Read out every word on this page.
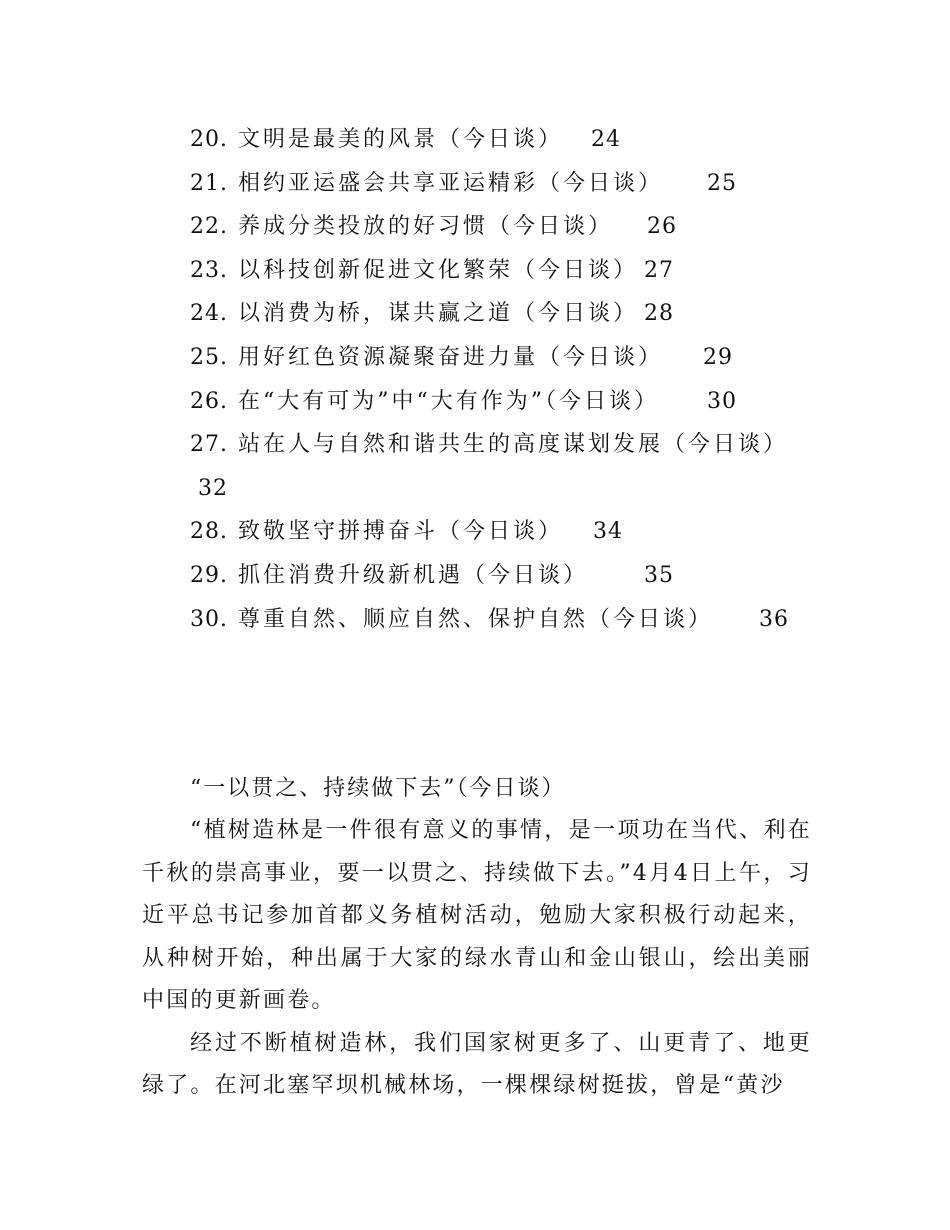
20. 文明是最美的风景（今日谈） 24
21. 相约亚运盛会共享亚运精彩（今日谈） 25
22. 养成分类投放的好习惯（今日谈） 26
23. 以科技创新促进文化繁荣（今日谈） 27
24. 以消费为桥，谋共赢之道（今日谈） 28
25. 用好红色资源凝聚奋进力量（今日谈） 29
26. 在“大有可为”中“大有作为”（今日谈） 30
27. 站在人与自然和谐共生的高度谋划发展（今日谈）
32
28. 致敬坚守拼搏奋斗（今日谈） 34
29. 抓住消费升级新机遇（今日谈）	35
30. 尊重自然、顺应自然、保护自然（今日谈） 36
“一以贯之、持续做下去”（今日谈）

“植树造林是一件很有意义的事情，是一项功在当代、利在千秋的崇高事业，要一以贯之、持续做下去。”4月4日上午，习近平总书记参加首都义务植树活动，勉励大家积极行动起来，从种树开始，种出属于大家的绿水青山和金山银山，绘出美丽中国的更新画卷。

经过不断植树造林，我们国家树更多了、山更青了、地更绿了。在河北塞罕坝机械林场，一棵棵绿树挺拔，曾是“黄沙
